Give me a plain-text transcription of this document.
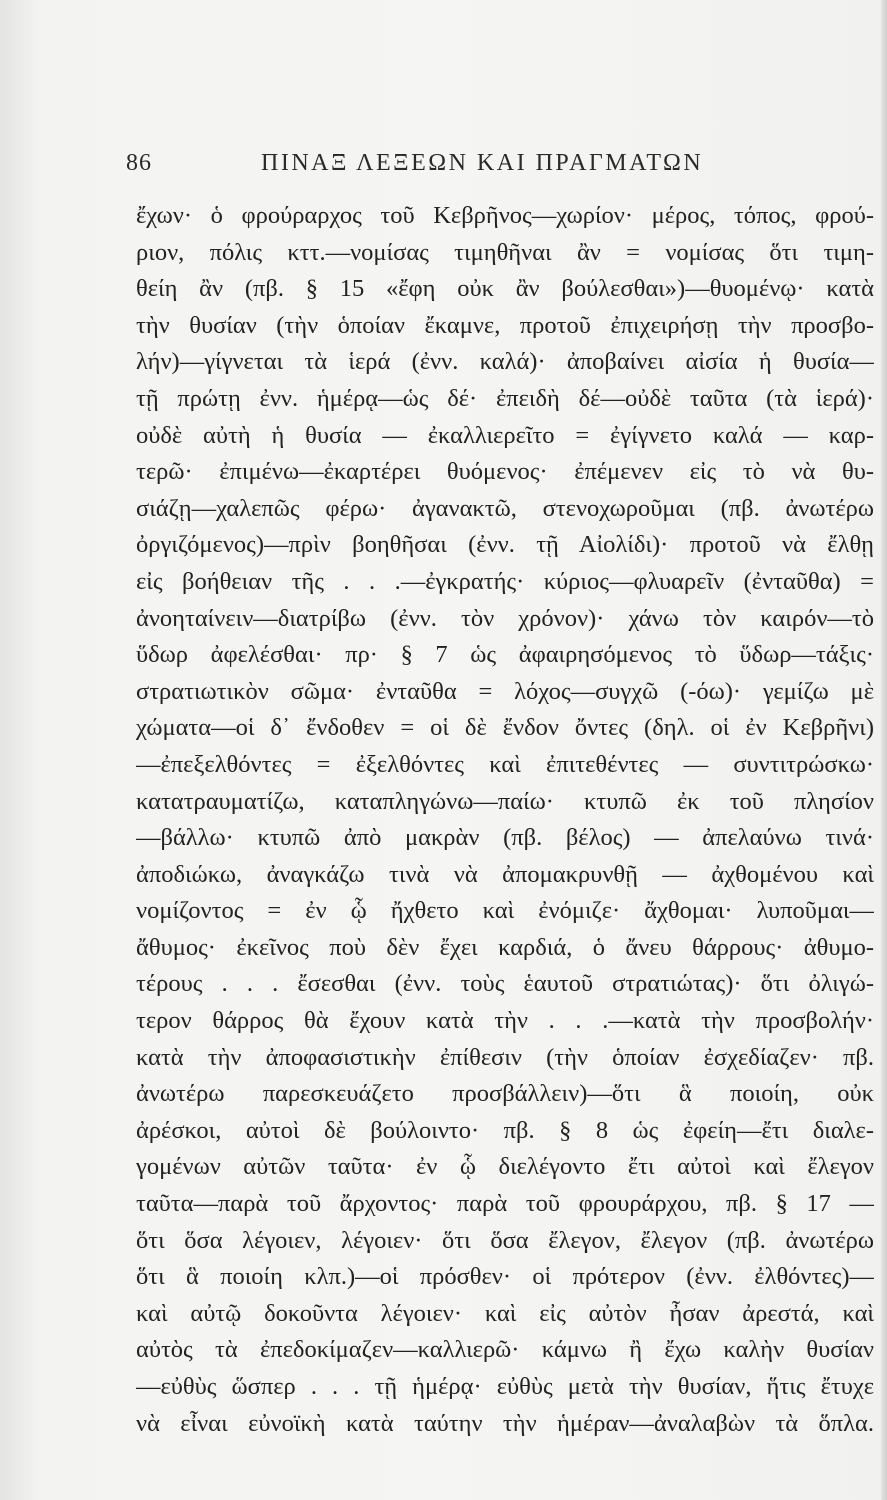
86	ΠΙΝΑΞ ΛΕΞΕΩΝ ΚΑΙ ΠΡΑΓΜΑΤΩΝ
ἔχων· ὁ φρούραρχος τοῦ Κεβρῆνος—χωρίον· μέρος, τόπος, φρού-
ριον, πόλις κττ.—νομίσας τιμηθῆναι ἂν = νομίσας ὅτι τιμη-
θείη ἂν (πβ. § 15 «ἔφη οὐκ ἂν βούλεσθαι»)—θυομένῳ· κατὰ
τὴν θυσίαν (τὴν ὁποίαν ἔκαμνε, προτοῦ ἐπιχειρήσῃ τὴν προσβο-
λήν)—γίγνεται τὰ ἱερά (ἐνν. καλά)· ἀποβαίνει αἰσία ἡ θυσία—
τῇ πρώτῃ ἐνν. ἡμέρᾳ—ὡς δέ· ἐπειδὴ δέ—οὐδὲ ταῦτα (τὰ ἱερά)·
οὐδὲ αὐτὴ ἡ θυσία — ἐκαλλιερεῖτο = ἐγίγνετο καλά — καρ-
τερῶ· ἐπιμένω—ἐκαρτέρει θυόμενος· ἐπέμενεν εἰς τὸ νὰ θυ-
σιάζῃ—χαλεπῶς φέρω· ἀγανακτῶ, στενοχωροῦμαι (πβ. ἀνωτέρω
ὀργιζόμενος)—πρὶν βοηθῆσαι (ἐνν. τῇ Αἰολίδι)· προτοῦ νὰ ἔλθῃ
εἰς βοήθειαν τῆς . . .—ἐγκρατής· κύριος—φλυαρεῖν (ἐνταῦθα) =
ἀνοηταίνειν—διατρίβω (ἐνν. τὸν χρόνον)· χάνω τὸν καιρόν—τὸ
ὕδωρ ἀφελέσθαι· πρ· § 7 ὡς ἀφαιρησόμενος τὸ ὕδωρ—τάξις·
στρατιωτικὸν σῶμα· ἐνταῦθα = λόχος—συγχῶ (-όω)· γεμίζω μὲ
χώματα—οἱ δ᾽ ἔνδοθεν = οἱ δὲ ἔνδον ὄντες (δηλ. οἱ ἐν Κεβρῆνι)
—ἐπεξελθόντες = ἐξελθόντες καὶ ἐπιτεθέντες — συντιτρώσκω·
κατατραυματίζω, καταπληγώνω—παίω· κτυπῶ ἐκ τοῦ πλησίον
—βάλλω· κτυπῶ ἀπὸ μακρὰν (πβ. βέλος) — ἀπελαύνω τινά·
ἀποδιώκω, ἀναγκάζω τινὰ νὰ ἀπομακρυνθῇ — ἀχθομένου καὶ
νομίζοντος = ἐν ᾧ ἤχθετο καὶ ἐνόμιζε· ἄχθομαι· λυποῦμαι—
ἄθυμος· ἐκεῖνος ποὺ δὲν ἔχει καρδιά, ὁ ἄνευ θάρρους· ἀθυμο-
τέρους . . . ἔσεσθαι (ἐνν. τοὺς ἑαυτοῦ στρατιώτας)· ὅτι ὀλιγώ-
τερον θάρρος θὰ ἔχουν κατὰ τὴν . . .—κατὰ τὴν προσβολήν·
κατὰ τὴν ἀποφασιστικὴν ἐπίθεσιν (τὴν ὁποίαν ἐσχεδίαζεν· πβ.
ἀνωτέρω παρεσκευάζετο προσβάλλειν)—ὅτι ἃ ποιοίη, οὐκ
ἀρέσκοι, αὐτοὶ δὲ βούλοιντο· πβ. § 8 ὡς ἐφείη—ἔτι διαλε-
γομένων αὐτῶν ταῦτα· ἐν ᾧ διελέγοντο ἔτι αὐτοὶ καὶ ἔλεγον
ταῦτα—παρὰ τοῦ ἄρχοντος· παρὰ τοῦ φρουράρχου, πβ. § 17 —
ὅτι ὅσα λέγοιεν, λέγοιεν· ὅτι ὅσα ἔλεγον, ἔλεγον (πβ. ἀνωτέρω
ὅτι ἃ ποιοίη κλπ.)—οἱ πρόσθεν· οἱ πρότερον (ἐνν. ἐλθόντες)—
καὶ αὐτῷ δοκοῦντα λέγοιεν· καὶ εἰς αὐτὸν ἦσαν ἀρεστά, καὶ
αὐτὸς τὰ ἐπεδοκίμαζεν—καλλιερῶ· κάμνω ἢ ἔχω καλὴν θυσίαν
—εὐθὺς ὥσπερ . . . τῇ ἡμέρᾳ· εὐθὺς μετὰ τὴν θυσίαν, ἥτις ἔτυχε
νὰ εἶναι εὐνοϊκὴ κατὰ ταύτην τὴν ἡμέραν—ἀναλαβὼν τὰ ὅπλα.
